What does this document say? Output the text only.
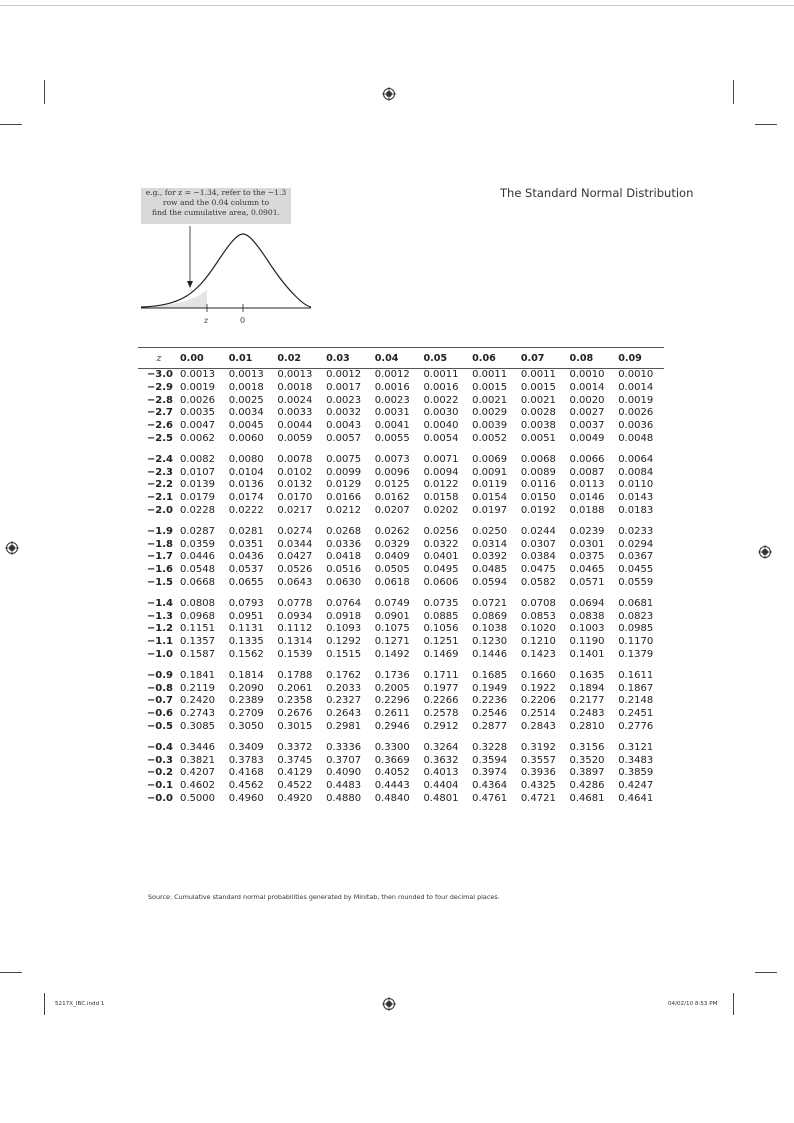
The Standard Normal Distribution
e.g., for z = −1.34, refer to the −1.3
row and the 0.04 column to
find the cumulative area, 0.0901.
z	0
z	0.00	0.01	0.02	0.03	0.04	0.05	0.06	0.07	0.08	0.09
−3.0	0.0013	0.0013	0.0013	0.0012	0.0012	0.0011	0.0011	0.0011	0.0010	0.0010
−2.9	0.0019	0.0018	0.0018	0.0017	0.0016	0.0016	0.0015	0.0015	0.0014	0.0014
−2.8	0.0026	0.0025	0.0024	0.0023	0.0023	0.0022	0.0021	0.0021	0.0020	0.0019
−2.7	0.0035	0.0034	0.0033	0.0032	0.0031	0.0030	0.0029	0.0028	0.0027	0.0026
−2.6	0.0047	0.0045	0.0044	0.0043	0.0041	0.0040	0.0039	0.0038	0.0037	0.0036
−2.5	0.0062	0.0060	0.0059	0.0057	0.0055	0.0054	0.0052	0.0051	0.0049	0.0048

−2.4	0.0082	0.0080	0.0078	0.0075	0.0073	0.0071	0.0069	0.0068	0.0066	0.0064
−2.3	0.0107	0.0104	0.0102	0.0099	0.0096	0.0094	0.0091	0.0089	0.0087	0.0084
−2.2	0.0139	0.0136	0.0132	0.0129	0.0125	0.0122	0.0119	0.0116	0.0113	0.0110
−2.1	0.0179	0.0174	0.0170	0.0166	0.0162	0.0158	0.0154	0.0150	0.0146	0.0143
−2.0	0.0228	0.0222	0.0217	0.0212	0.0207	0.0202	0.0197	0.0192	0.0188	0.0183

−1.9	0.0287	0.0281	0.0274	0.0268	0.0262	0.0256	0.0250	0.0244	0.0239	0.0233
−1.8	0.0359	0.0351	0.0344	0.0336	0.0329	0.0322	0.0314	0.0307	0.0301	0.0294
−1.7	0.0446	0.0436	0.0427	0.0418	0.0409	0.0401	0.0392	0.0384	0.0375	0.0367
−1.6	0.0548	0.0537	0.0526	0.0516	0.0505	0.0495	0.0485	0.0475	0.0465	0.0455
−1.5	0.0668	0.0655	0.0643	0.0630	0.0618	0.0606	0.0594	0.0582	0.0571	0.0559

−1.4	0.0808	0.0793	0.0778	0.0764	0.0749	0.0735	0.0721	0.0708	0.0694	0.0681
−1.3	0.0968	0.0951	0.0934	0.0918	0.0901	0.0885	0.0869	0.0853	0.0838	0.0823
−1.2	0.1151	0.1131	0.1112	0.1093	0.1075	0.1056	0.1038	0.1020	0.1003	0.0985
−1.1	0.1357	0.1335	0.1314	0.1292	0.1271	0.1251	0.1230	0.1210	0.1190	0.1170
−1.0	0.1587	0.1562	0.1539	0.1515	0.1492	0.1469	0.1446	0.1423	0.1401	0.1379

−0.9	0.1841	0.1814	0.1788	0.1762	0.1736	0.1711	0.1685	0.1660	0.1635	0.1611
−0.8	0.2119	0.2090	0.2061	0.2033	0.2005	0.1977	0.1949	0.1922	0.1894	0.1867
−0.7	0.2420	0.2389	0.2358	0.2327	0.2296	0.2266	0.2236	0.2206	0.2177	0.2148
−0.6	0.2743	0.2709	0.2676	0.2643	0.2611	0.2578	0.2546	0.2514	0.2483	0.2451
−0.5	0.3085	0.3050	0.3015	0.2981	0.2946	0.2912	0.2877	0.2843	0.2810	0.2776

−0.4	0.3446	0.3409	0.3372	0.3336	0.3300	0.3264	0.3228	0.3192	0.3156	0.3121
−0.3	0.3821	0.3783	0.3745	0.3707	0.3669	0.3632	0.3594	0.3557	0.3520	0.3483
−0.2	0.4207	0.4168	0.4129	0.4090	0.4052	0.4013	0.3974	0.3936	0.3897	0.3859
−0.1	0.4602	0.4562	0.4522	0.4483	0.4443	0.4404	0.4364	0.4325	0.4286	0.4247
−0.0	0.5000	0.4960	0.4920	0.4880	0.4840	0.4801	0.4761	0.4721	0.4681	0.4641
Source: Cumulative standard normal probabilities generated by Minitab, then rounded to four decimal places.
5217X_IBC.indd 1	04/02/10 8:53 PM
